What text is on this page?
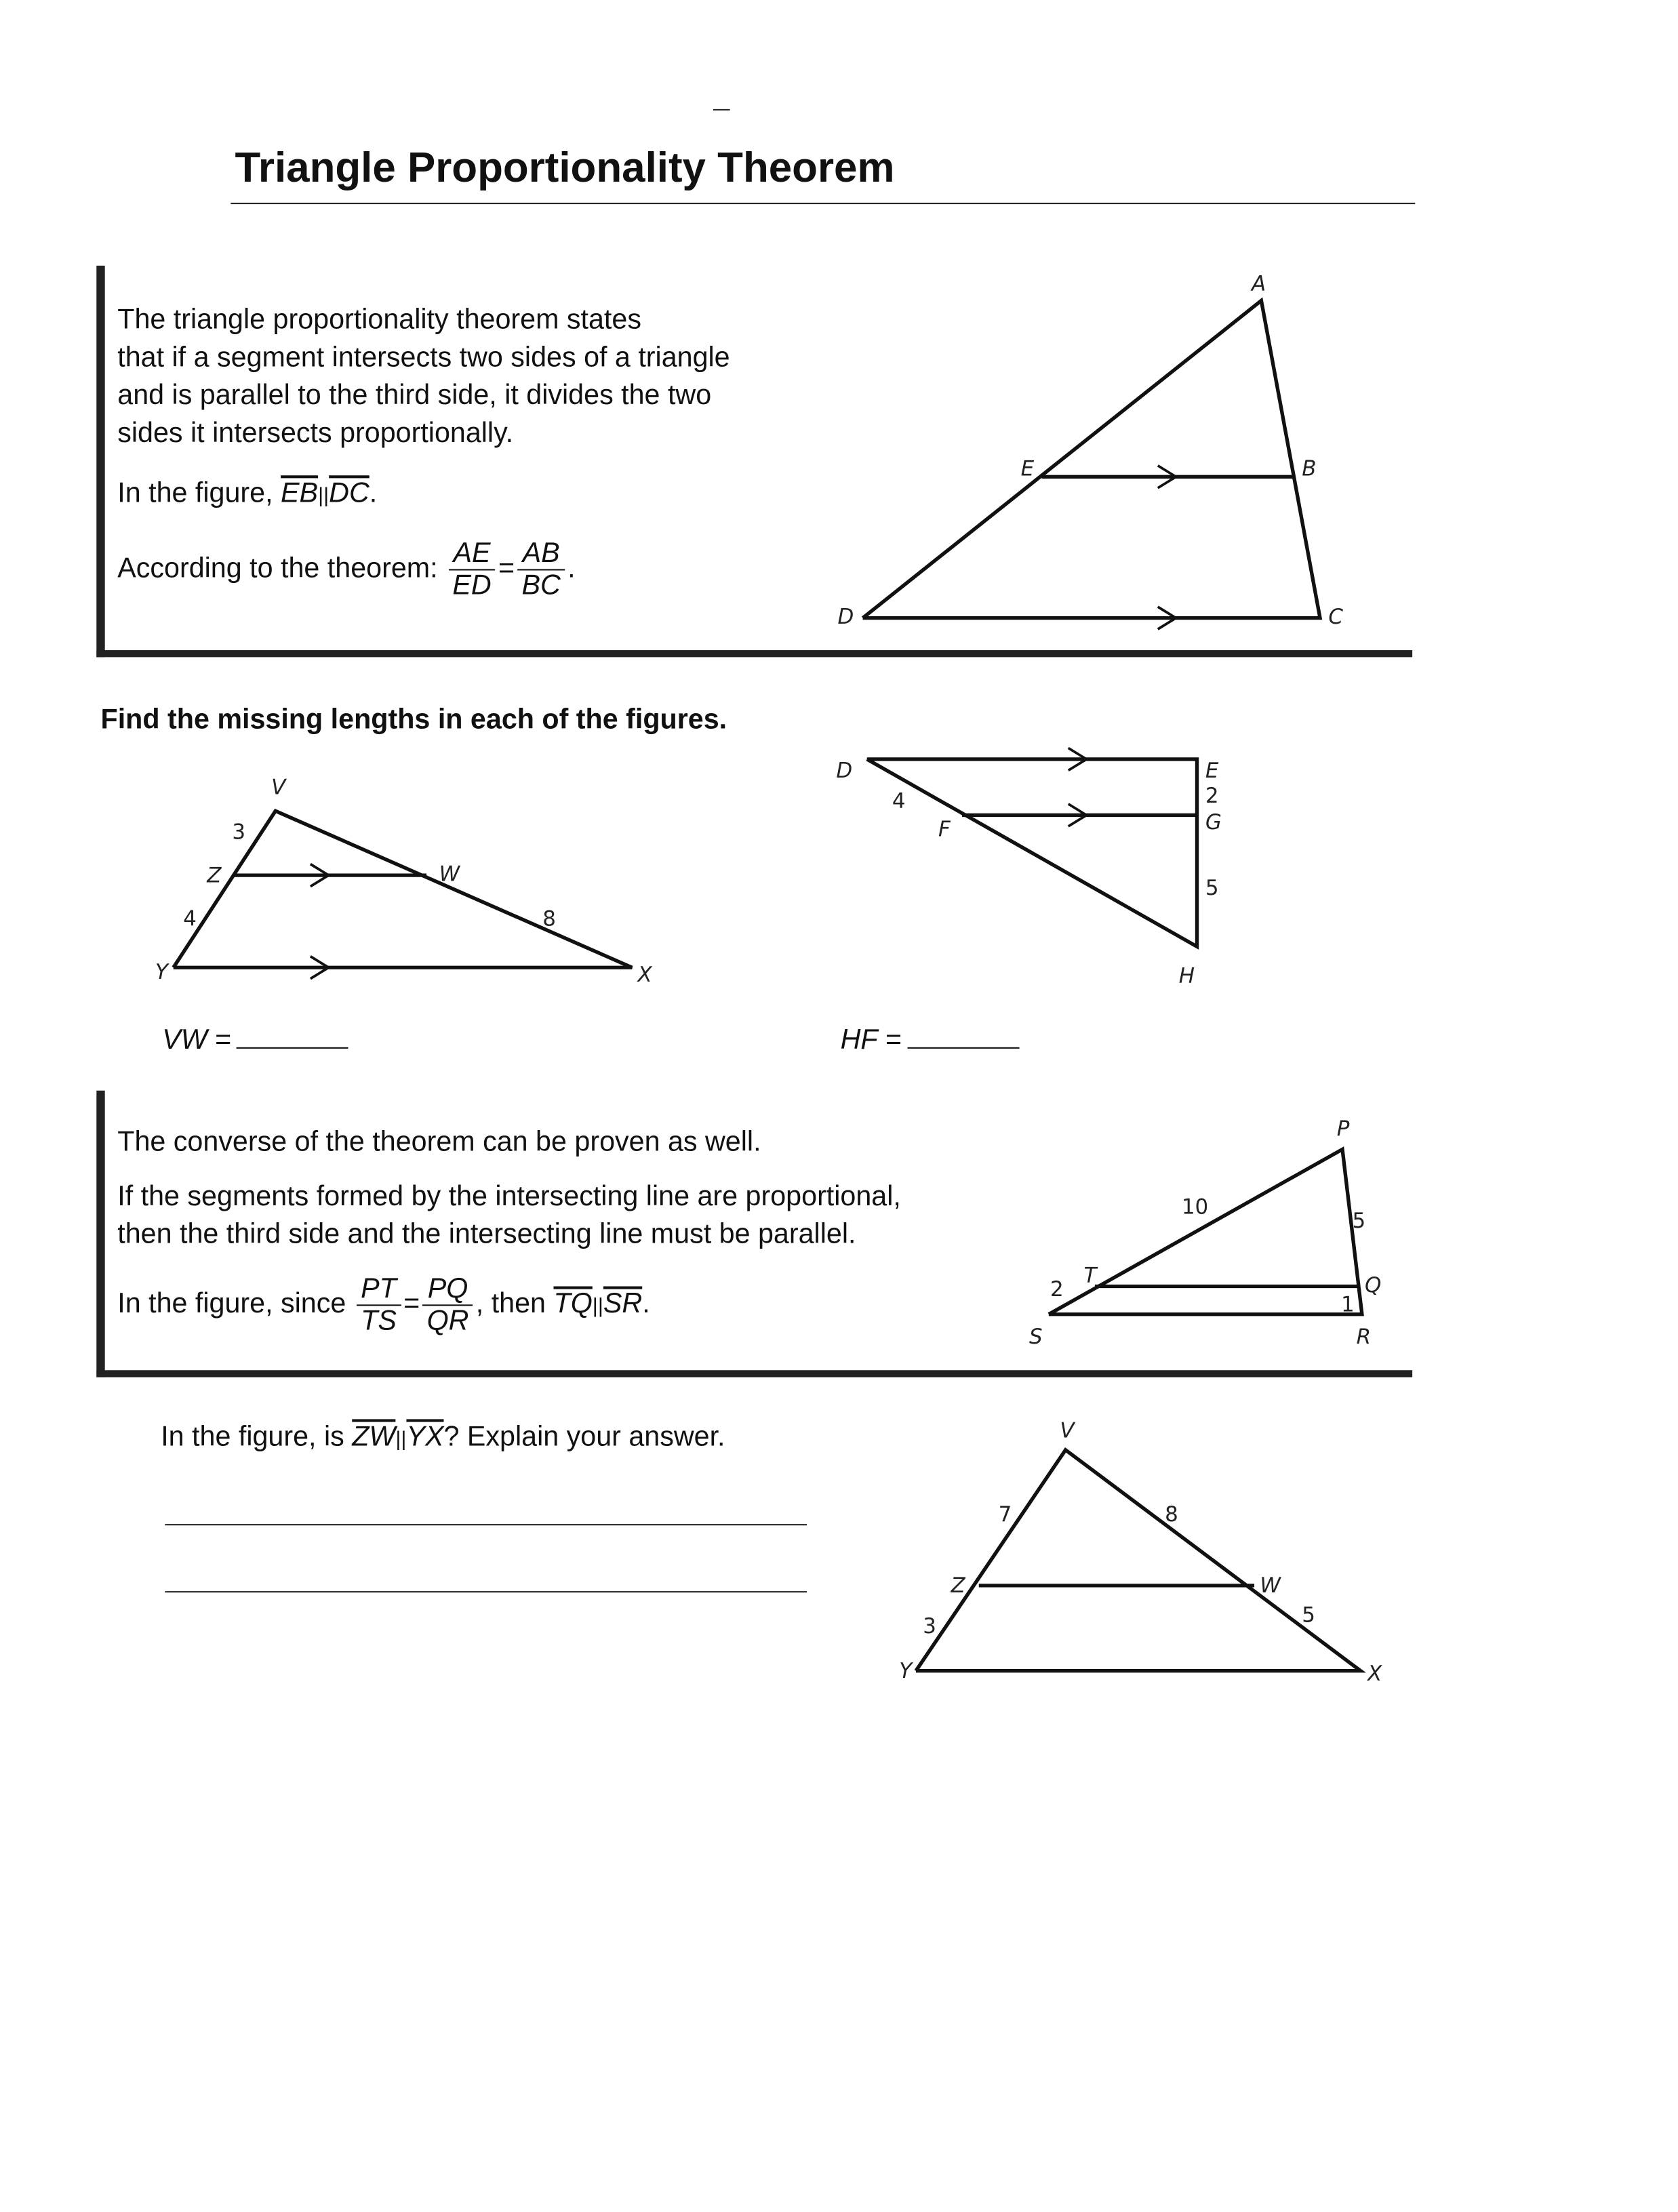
Triangle Proportionality Theorem
The triangle proportionality theorem states
that if a segment intersects two sides of a triangle
and is parallel to the third side, it divides the two
sides it intersects proportionally.
In the figure, $\overline{EB}||\overline{DC}$.
According to the theorem: $\frac{AE}{ED} = \frac{AB}{BC}$ .
A
E	B
D	C
V
Z	W
Y	X
3
4	8
D	E
2
G
F
4
5
H
P
10
5
T
2	Q
1
S	R
V
7	8
Z	W
5
3
Y	X
Find the missing lengths in each of the figures.
VW =	HF =
The converse of the theorem can be proven as well.
If the segments formed by the intersecting line are proportional,
then the third side and the intersecting line must be parallel.
In the figure, since $\frac{PT}{TS} = \frac{PQ}{QR}$ , then $\overline{TQ}||\overline{SR}$.
In the figure, is $\overline{ZW}||\overline{YX}$? Explain your answer.
